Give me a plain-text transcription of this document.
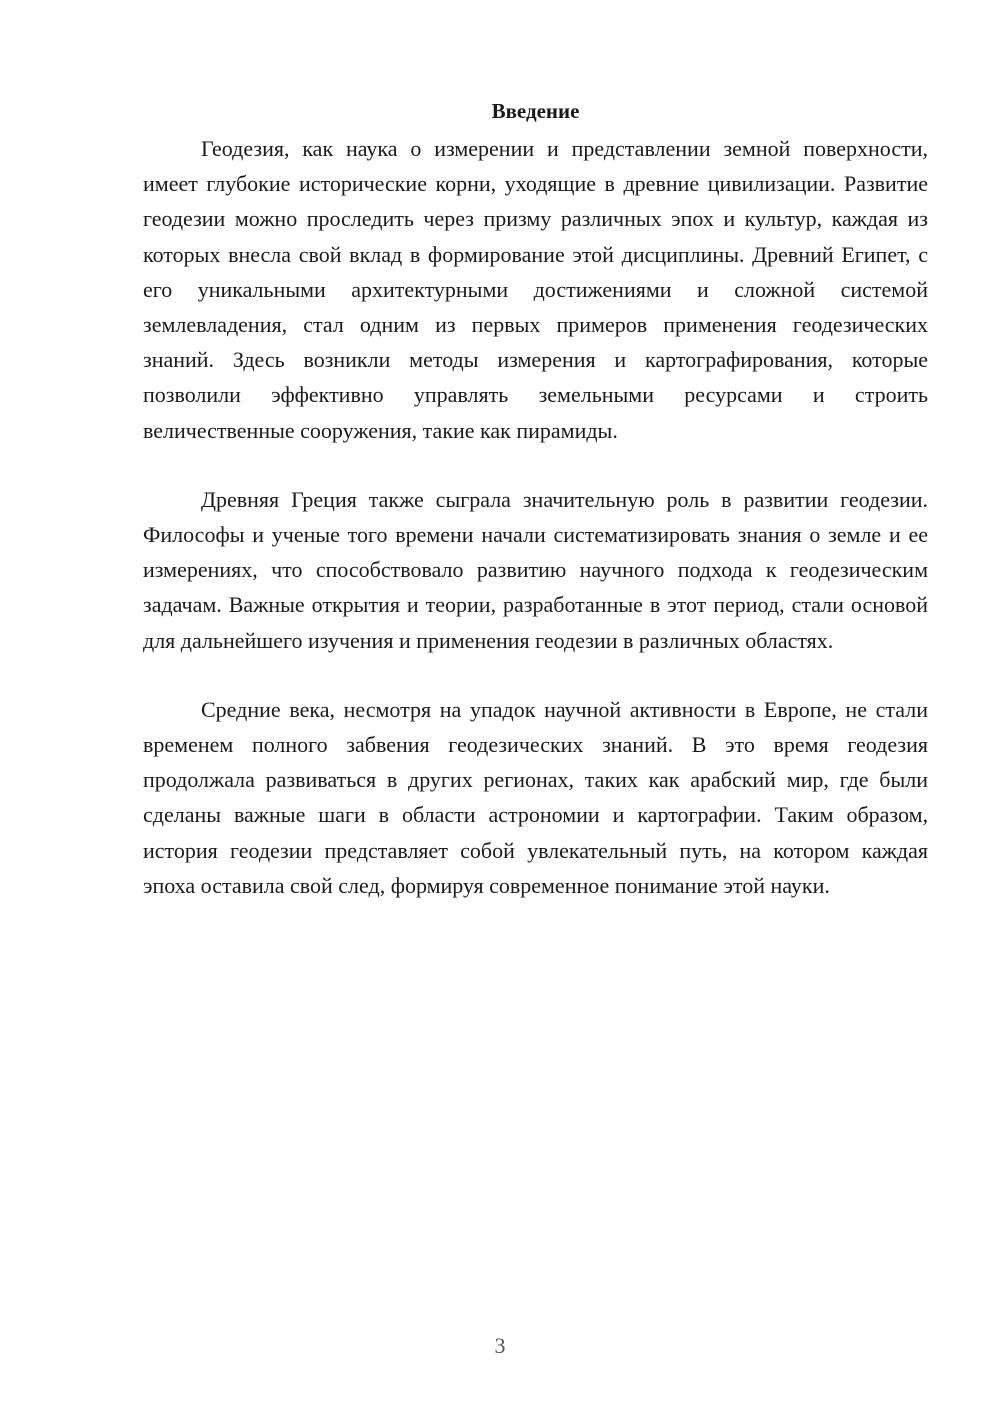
Введение

Геодезия, как наука о измерении и представлении земной поверхности, имеет глубокие исторические корни, уходящие в древние цивилизации. Развитие геодезии можно проследить через призму различных эпох и культур, каждая из которых внесла свой вклад в формирование этой дисциплины. Древний Египет, с его уникальными архитектурными достижениями и сложной системой землевладения, стал одним из первых примеров применения геодезических знаний. Здесь возникли методы измерения и картографирования, которые позволили эффективно управлять земельными ресурсами и строить величественные сооружения, такие как пирамиды.

Древняя Греция также сыграла значительную роль в развитии геодезии. Философы и ученые того времени начали систематизировать знания о земле и ее измерениях, что способствовало развитию научного подхода к геодезическим задачам. Важные открытия и теории, разработанные в этот период, стали основой для дальнейшего изучения и применения геодезии в различных областях.

Средние века, несмотря на упадок научной активности в Европе, не стали временем полного забвения геодезических знаний. В это время геодезия продолжала развиваться в других регионах, таких как арабский мир, где были сделаны важные шаги в области астрономии и картографии. Таким образом, история геодезии представляет собой увлекательный путь, на котором каждая эпоха оставила свой след, формируя современное понимание этой науки.

3
